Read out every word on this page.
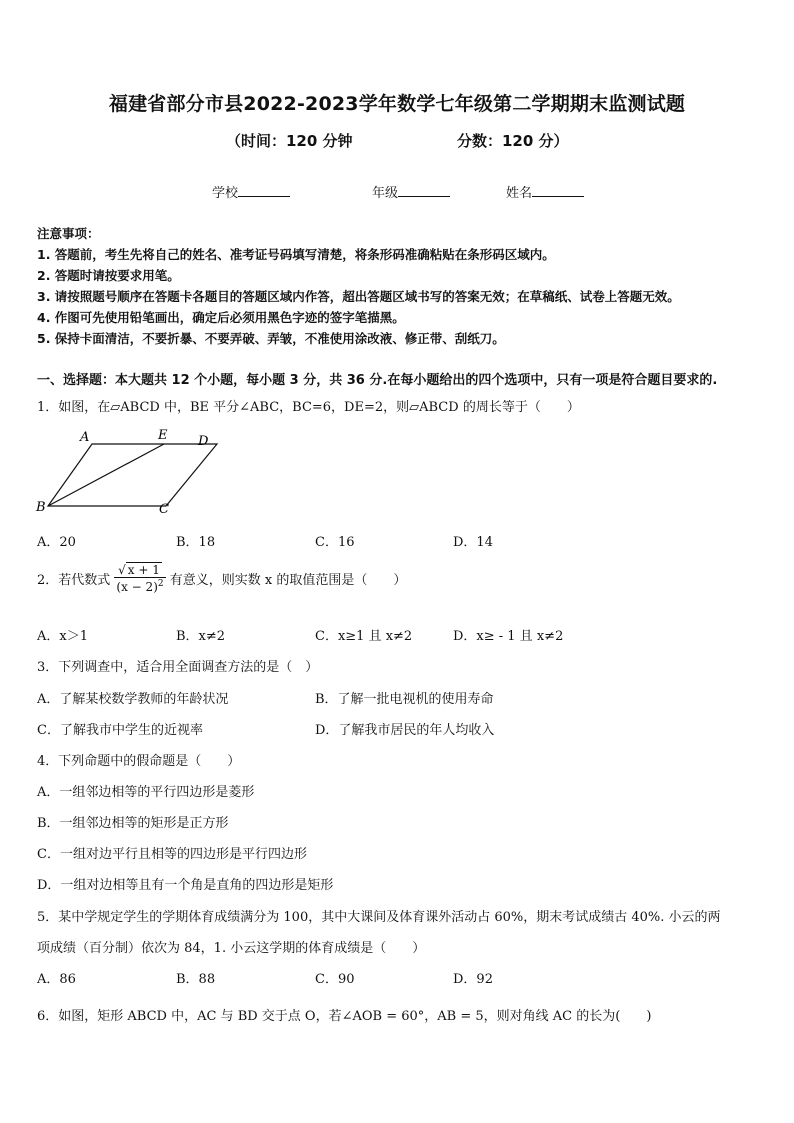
福建省部分市县2022-2023学年数学七年级第二学期期末监测试题
（时间：120 分钟	分数：120 分）
学校	年级	姓名
注意事项：
1. 答题前，考生先将自己的姓名、准考证号码填写清楚，将条形码准确粘贴在条形码区域内。
2. 答题时请按要求用笔。
3. 请按照题号顺序在答题卡各题目的答题区域内作答，超出答题区域书写的答案无效；在草稿纸、试卷上答题无效。
4. 作图可先使用铅笔画出，确定后必须用黑色字迹的签字笔描黑。
5. 保持卡面清洁，不要折暴、不要弄破、弄皱，不准使用涂改液、修正带、刮纸刀。
一、选择题：本大题共 12 个小题，每小题 3 分，共 36 分.在每小题给出的四个选项中，只有一项是符合题目要求的.
1．如图，在▱ABCD 中，BE 平分∠ABC，BC=6，DE=2，则▱ABCD 的周长等于（　　）
A	E D
B	C
A．20	B．18	C．16	D．14
2．若代数式 $\frac{√ x + 1}{(x - 2)^2}$ 有意义，则实数 x 的取值范围是（　　）
A．x＞1	B．x≠2	C．x≥1 且 x≠2	D．x≥ - 1 且 x≠2
3．下列调查中，适合用全面调查方法的是（　）
A．了解某校数学教师的年龄状况	B．了解一批电视机的使用寿命
C．了解我市中学生的近视率	D．了解我市居民的年人均收入
4．下列命题中的假命题是（　　）
A．一组邻边相等的平行四边形是菱形
B．一组邻边相等的矩形是正方形
C．一组对边平行且相等的四边形是平行四边形
D．一组对边相等且有一个角是直角的四边形是矩形
5．某中学规定学生的学期体育成绩满分为 100，其中大课间及体育课外活动占 60%，期末考试成绩古 40%. 小云的两
项成绩（百分制）依次为 84，1. 小云这学期的体育成绩是（　　）
A．86	B．88	C．90	D．92
6．如图，矩形 ABCD 中，AC 与 BD 交于点 O，若∠AOB = 60°，AB = 5，则对角线 AC 的长为(　　)
